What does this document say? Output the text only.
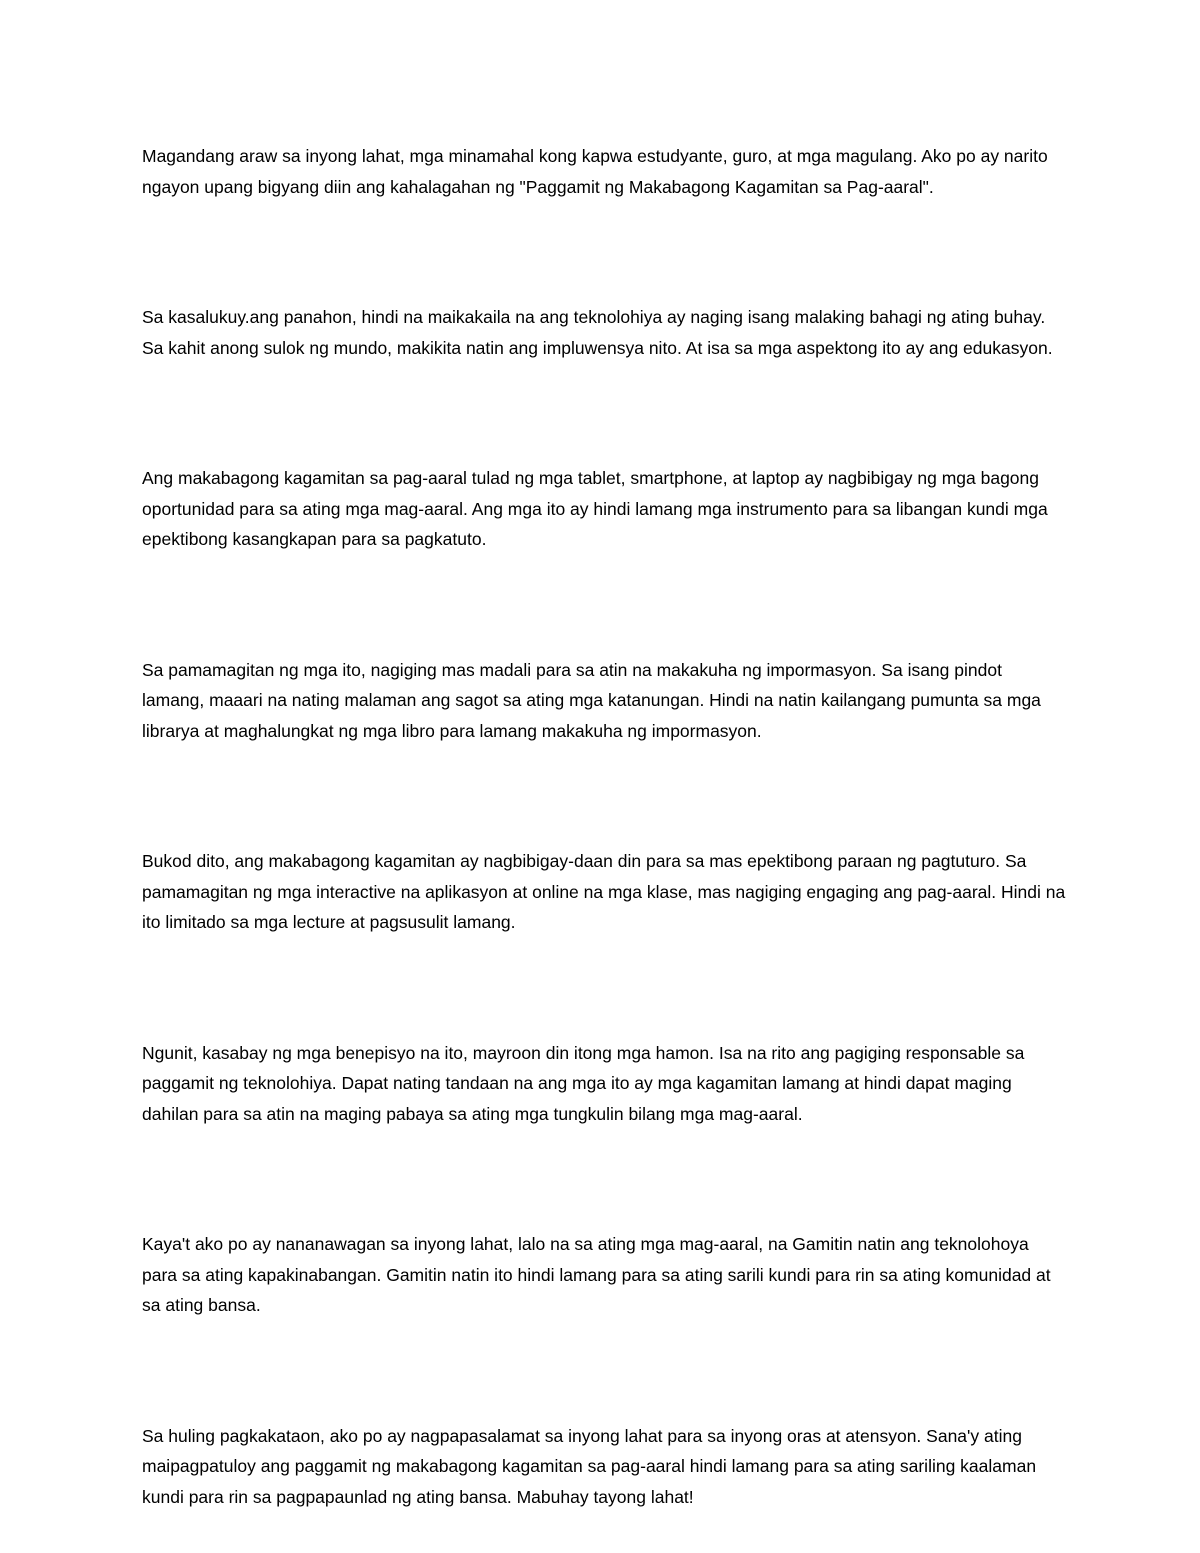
Magandang araw sa inyong lahat, mga minamahal kong kapwa estudyante, guro, at mga magulang. Ako po ay narito ngayon upang bigyang diin ang kahalagahan ng "Paggamit ng Makabagong Kagamitan sa Pag-aaral".

Sa kasalukuy.ang panahon, hindi na maikakaila na ang teknolohiya ay naging isang malaking bahagi ng ating buhay. Sa kahit anong sulok ng mundo, makikita natin ang impluwensya nito. At isa sa mga aspektong ito ay ang edukasyon.

Ang makabagong kagamitan sa pag-aaral tulad ng mga tablet, smartphone, at laptop ay nagbibigay ng mga bagong oportunidad para sa ating mga mag-aaral. Ang mga ito ay hindi lamang mga instrumento para sa libangan kundi mga epektibong kasangkapan para sa pagkatuto.

Sa pamamagitan ng mga ito, nagiging mas madali para sa atin na makakuha ng impormasyon. Sa isang pindot lamang, maaari na nating malaman ang sagot sa ating mga katanungan. Hindi na natin kailangang pumunta sa mga librarya at maghalungkat ng mga libro para lamang makakuha ng impormasyon.

Bukod dito, ang makabagong kagamitan ay nagbibigay-daan din para sa mas epektibong paraan ng pagtuturo. Sa pamamagitan ng mga interactive na aplikasyon at online na mga klase, mas nagiging engaging ang pag-aaral. Hindi na ito limitado sa mga lecture at pagsusulit lamang.

Ngunit, kasabay ng mga benepisyo na ito, mayroon din itong mga hamon. Isa na rito ang pagiging responsable sa paggamit ng teknolohiya. Dapat nating tandaan na ang mga ito ay mga kagamitan lamang at hindi dapat maging dahilan para sa atin na maging pabaya sa ating mga tungkulin bilang mga mag-aaral.

Kaya't ako po ay nananawagan sa inyong lahat, lalo na sa ating mga mag-aaral, na Gamitin natin ang teknolohoya para sa ating kapakinabangan. Gamitin natin ito hindi lamang para sa ating sarili kundi para rin sa ating komunidad at sa ating bansa.

Sa huling pagkakataon, ako po ay nagpapasalamat sa inyong lahat para sa inyong oras at atensyon. Sana'y ating maipagpatuloy ang paggamit ng makabagong kagamitan sa pag-aaral hindi lamang para sa ating sariling kaalaman kundi para rin sa pagpapaunlad ng ating bansa. Mabuhay tayong lahat!
